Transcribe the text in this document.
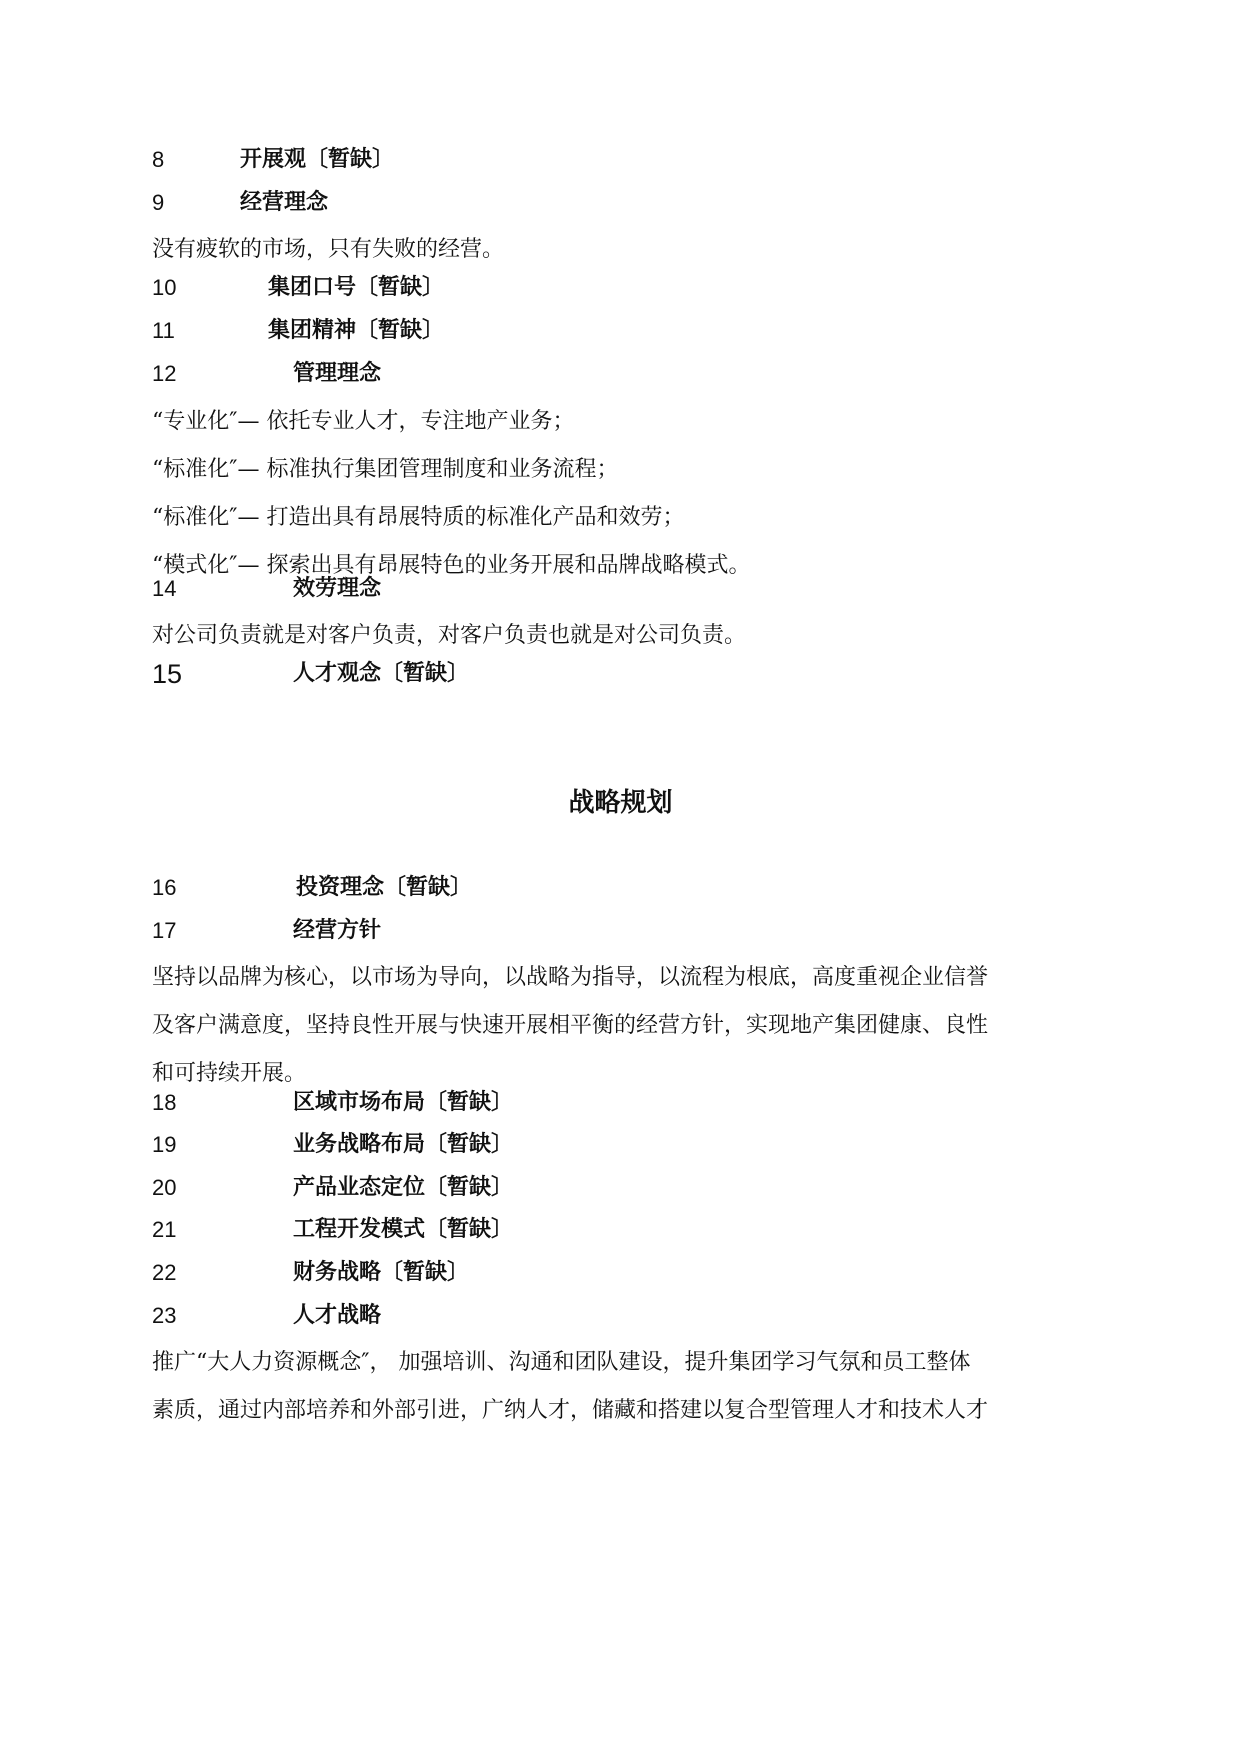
8	开展观〔暂缺〕
9	经营理念
没有疲软的市场，只有失败的经营。
10	集团口号〔暂缺〕
11	集团精神〔暂缺〕
12	管理理念
“专业化″— 依托专业人才，专注地产业务；
“标准化″— 标准执行集团管理制度和业务流程；
“标准化″— 打造出具有昂展特质的标准化产品和效劳；
“模式化″— 探索出具有昂展特色的业务开展和品牌战略模式。
14	效劳理念
对公司负责就是对客户负责，对客户负责也就是对公司负责。
15	人才观念〔暂缺〕
战略规划
16	投资理念〔暂缺〕
17	经营方针
坚持以品牌为核心，以市场为导向，以战略为指导，以流程为根底，高度重视企业信誉
及客户满意度，坚持良性开展与快速开展相平衡的经营方针，实现地产集团健康、良性
和可持续开展。
18	区域市场布局〔暂缺〕
19	业务战略布局〔暂缺〕
20	产品业态定位〔暂缺〕
21	工程开发模式〔暂缺〕
22	财务战略〔暂缺〕
23	人才战略
推广“大人力资源概念″， 加强培训、沟通和团队建设，提升集团学习气氛和员工整体
素质，通过内部培养和外部引进，广纳人才，储藏和搭建以复合型管理人才和技术人才
